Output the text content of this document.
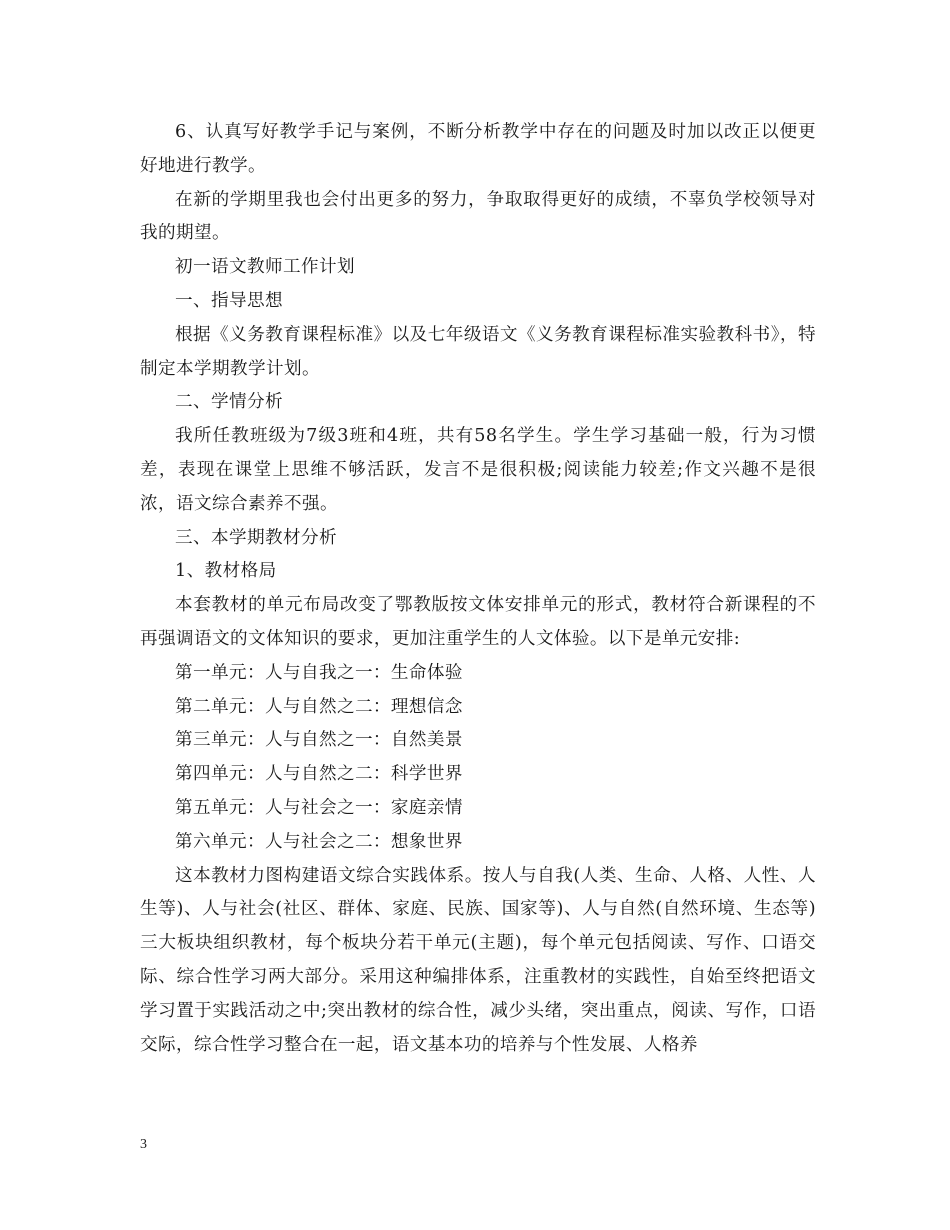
6、认真写好教学手记与案例，不断分析教学中存在的问题及时加以改正以便更好地进行教学。

在新的学期里我也会付出更多的努力，争取取得更好的成绩，不辜负学校领导对我的期望。

初一语文教师工作计划

一、指导思想

根据《义务教育课程标准》以及七年级语文《义务教育课程标准实验教科书》，特制定本学期教学计划。

二、学情分析

我所任教班级为7级3班和4班，共有58名学生。学生学习基础一般，行为习惯差，表现在课堂上思维不够活跃，发言不是很积极;阅读能力较差;作文兴趣不是很浓，语文综合素养不强。

三、本学期教材分析

1、教材格局

本套教材的单元布局改变了鄂教版按文体安排单元的形式，教材符合新课程的不再强调语文的文体知识的要求，更加注重学生的人文体验。以下是单元安排:

第一单元：人与自我之一：生命体验

第二单元：人与自然之二：理想信念

第三单元：人与自然之一：自然美景

第四单元：人与自然之二：科学世界

第五单元：人与社会之一：家庭亲情

第六单元：人与社会之二：想象世界

这本教材力图构建语文综合实践体系。按人与自我(人类、生命、人格、人性、人生等)、人与社会(社区、群体、家庭、民族、国家等)、人与自然(自然环境、生态等)三大板块组织教材，每个板块分若干单元(主题)，每个单元包括阅读、写作、口语交际、综合性学习两大部分。采用这种编排体系，注重教材的实践性，自始至终把语文学习置于实践活动之中;突出教材的综合性，减少头绪，突出重点，阅读、写作，口语交际，综合性学习整合在一起，语文基本功的培养与个性发展、人格养

3
